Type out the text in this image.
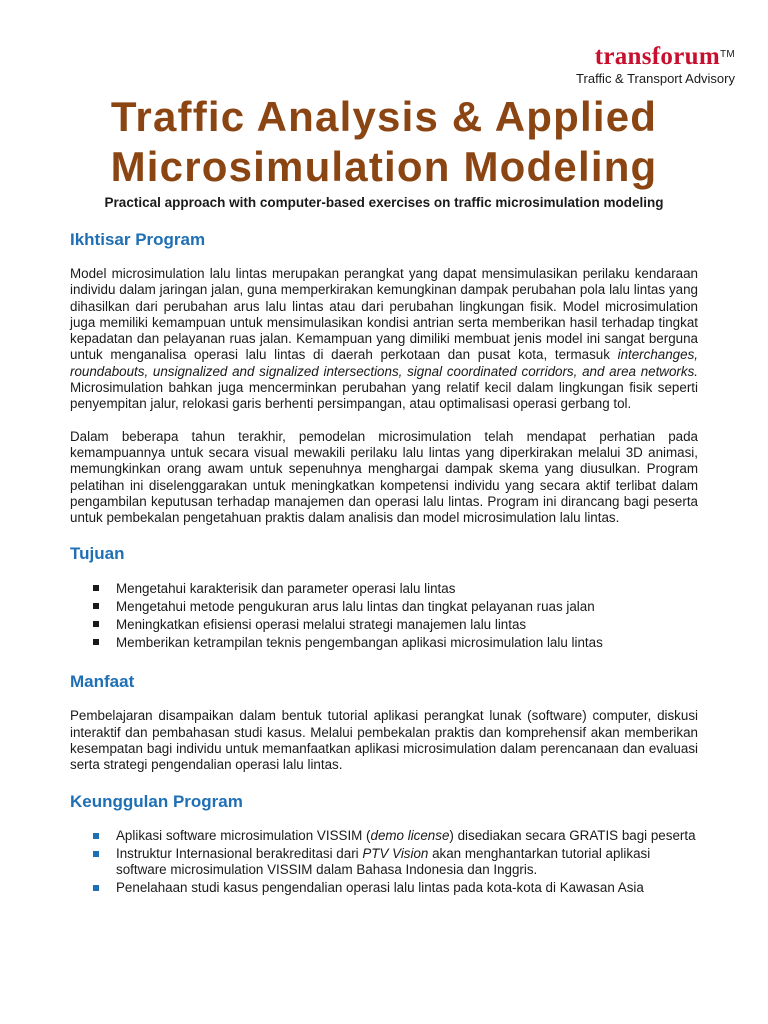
transforum™
Traffic & Transport Advisory
Traffic Analysis & Applied
Microsimulation Modeling
Practical approach with computer-based exercises on traffic microsimulation modeling
Ikhtisar Program

Model microsimulation lalu lintas merupakan perangkat yang dapat mensimulasikan perilaku kendaraan individu dalam jaringan jalan, guna memperkirakan kemungkinan dampak perubahan pola lalu lintas yang dihasilkan dari perubahan arus lalu lintas atau dari perubahan lingkungan fisik. Model microsimulation juga memiliki kemampuan untuk mensimulasikan kondisi antrian serta memberikan hasil terhadap tingkat kepadatan dan pelayanan ruas jalan. Kemampuan yang dimiliki membuat jenis model ini sangat berguna untuk menganalisa operasi lalu lintas di daerah perkotaan dan pusat kota, termasuk interchanges, roundabouts, unsignalized and signalized intersections, signal coordinated corridors, and area networks. Microsimulation bahkan juga mencerminkan perubahan yang relatif kecil dalam lingkungan fisik seperti penyempitan jalur, relokasi garis berhenti persimpangan, atau optimalisasi operasi gerbang tol.

Dalam beberapa tahun terakhir, pemodelan microsimulation telah mendapat perhatian pada kemampuannya untuk secara visual mewakili perilaku lalu lintas yang diperkirakan melalui 3D animasi, memungkinkan orang awam untuk sepenuhnya menghargai dampak skema yang diusulkan. Program pelatihan ini diselenggarakan untuk meningkatkan kompetensi individu yang secara aktif terlibat dalam pengambilan keputusan terhadap manajemen dan operasi lalu lintas. Program ini dirancang bagi peserta untuk pembekalan pengetahuan praktis dalam analisis dan model microsimulation lalu lintas.

Tujuan
Mengetahui karakterisik dan parameter operasi lalu lintas
Mengetahui metode pengukuran arus lalu lintas dan tingkat pelayanan ruas jalan
Meningkatkan efisiensi operasi melalui strategi manajemen lalu lintas
Memberikan ketrampilan teknis pengembangan aplikasi microsimulation lalu lintas
Manfaat

Pembelajaran disampaikan dalam bentuk tutorial aplikasi perangkat lunak (software) computer, diskusi interaktif dan pembahasan studi kasus. Melalui pembekalan praktis dan komprehensif akan memberikan kesempatan bagi individu untuk memanfaatkan aplikasi microsimulation dalam perencanaan dan evaluasi serta strategi pengendalian operasi lalu lintas.

Keunggulan Program
Aplikasi software microsimulation VISSIM (demo license) disediakan secara GRATIS bagi peserta
Instruktur Internasional berakreditasi dari PTV Vision akan menghantarkan tutorial aplikasi software microsimulation VISSIM dalam Bahasa Indonesia dan Inggris.
Penelahaan studi kasus pengendalian operasi lalu lintas pada kota-kota di Kawasan Asia
